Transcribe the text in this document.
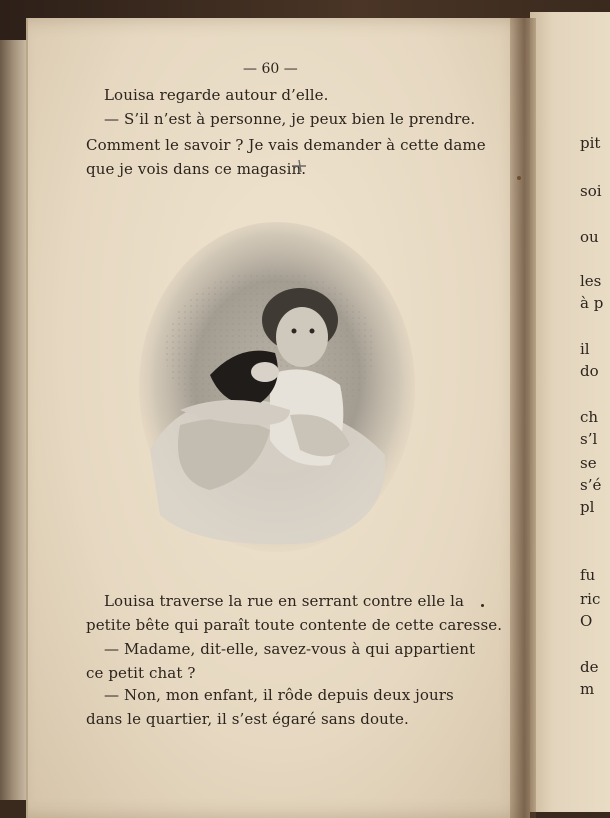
— 60 —
Louisa regarde autour d’elle.
— S’il n’est à personne, je peux bien le prendre.
Comment le savoir ? Je vais demander à cette dame
que je vois dans ce magasin.
Louisa traverse la rue en serrant contre elle la
petite bête qui paraît toute contente de cette caresse.
— Madame, dit-elle, savez-vous à qui appartient
ce petit chat ?
— Non, mon enfant, il rôde depuis deux jours
dans le quartier, il s’est égaré sans doute.
pit
soi
ou
les
à p
il
do
ch
s’l
se
s’é
pl
fu
ric
O
de
m
